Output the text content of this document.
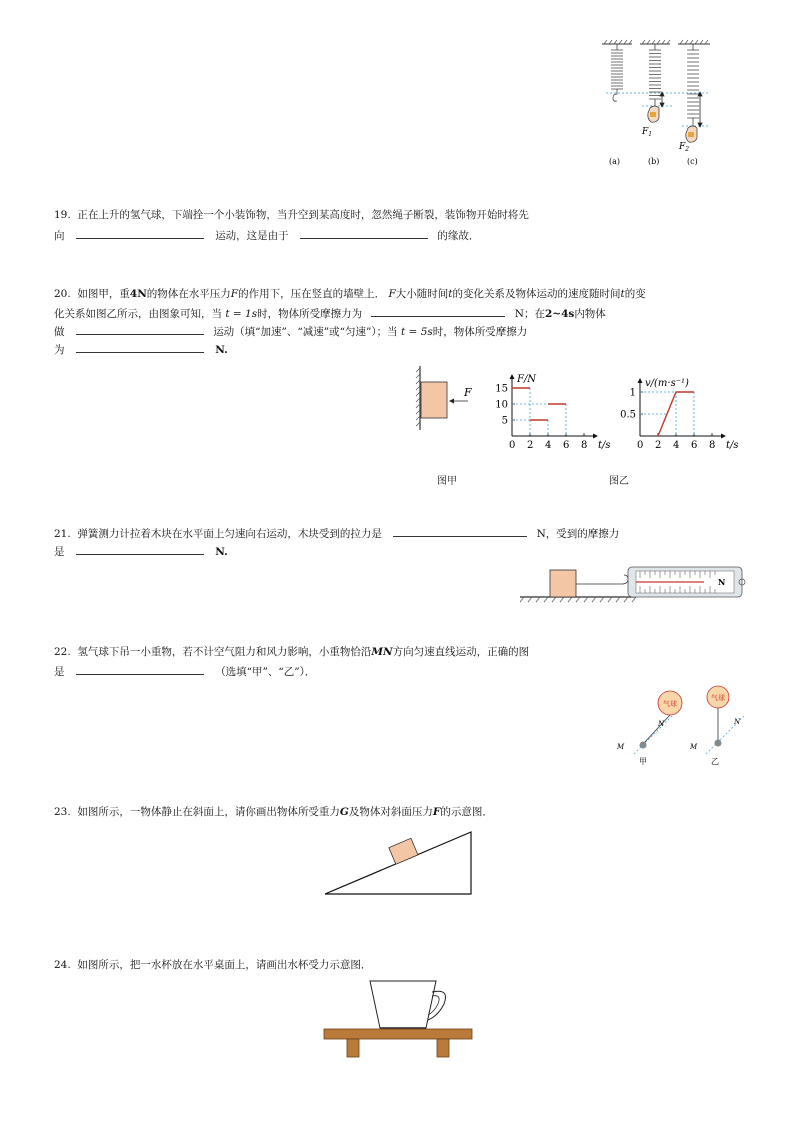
$F_1$
$F_2$
(a)	(b)	(c)
19. 正在上升的氢气球，下端拴一个小装饰物，当升空到某高度时，忽然绳子断裂，装饰物开始时将先
向	运动，这是由于	的缘故．
20. 如图甲，重4N的物体在水平压力F的作用下，压在竖直的墙壁上． F大小随时间t的变化关系及物体运动的速度随时间t的变
化关系如图乙所示，由图象可知，当 t = 1s时，物体所受摩擦力为	N；在2~4s内物体
做	运动（填“加速”、“减速”或“匀速”）；当 t = 5s时，物体所受摩擦力
为	N.
F
0 2 4 6 8
5
10
15
t/s
F/N
0 2 4 6 8
0.5
1
t/s
v/(m·s⁻¹)
图甲	图乙
21. 弹簧测力计拉着木块在水平面上匀速向右运动，木块受到的拉力是	N，受到的摩擦力
是	N.
N
22. 氢气球下吊一小重物，若不计空气阻力和风力影响，小重物恰沿MN方向匀速直线运动，正确的图
是	（选填“甲”、“乙”）．
气球
M
N
甲
气球
M
N
乙
23. 如图所示，一物体静止在斜面上，请你画出物体所受重力G及物体对斜面压力F的示意图．
24. 如图所示，把一水杯放在水平桌面上，请画出水杯受力示意图．
